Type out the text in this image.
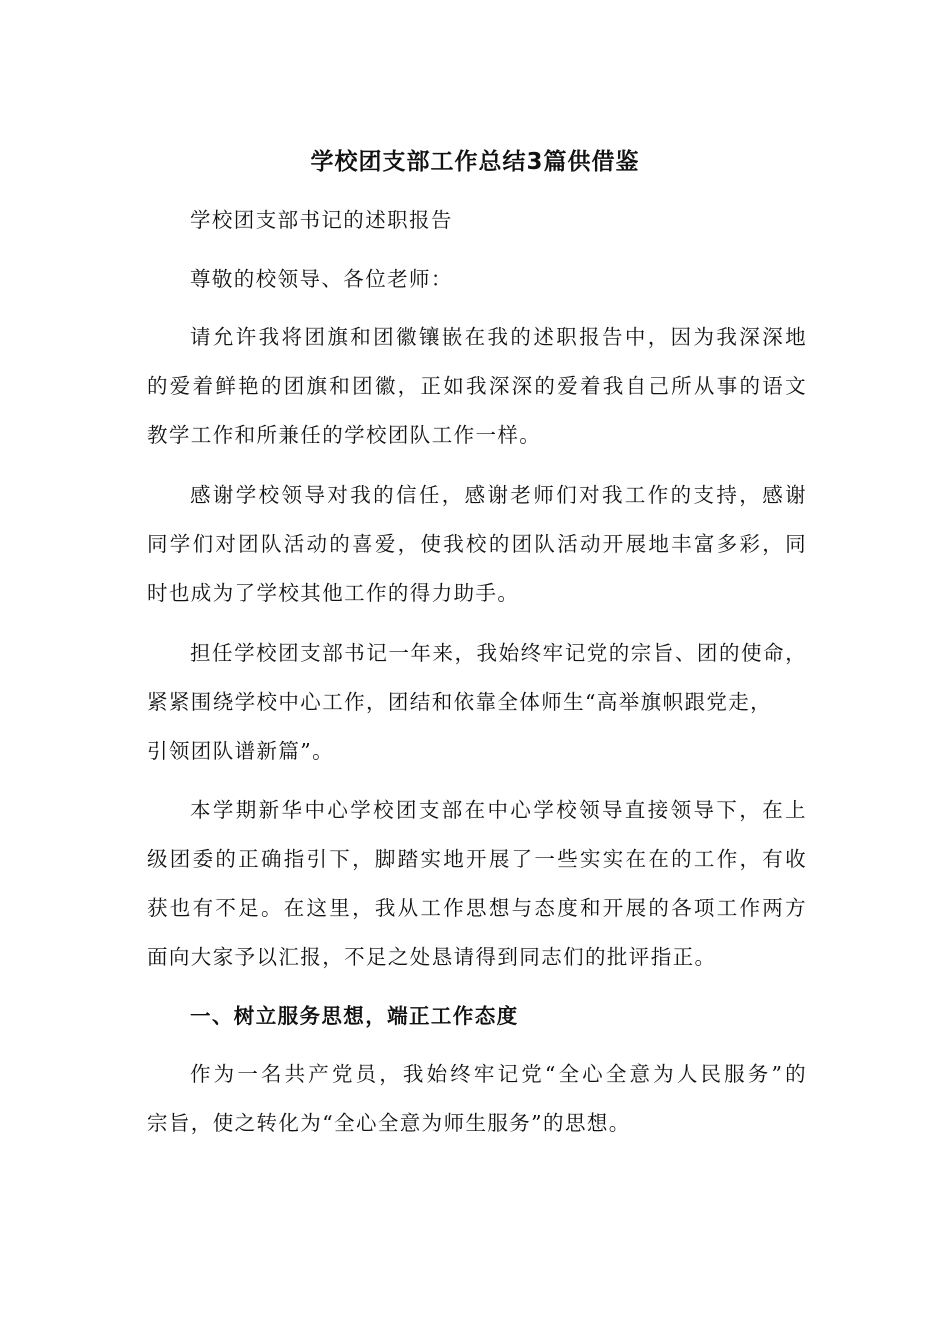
学校团支部工作总结3篇供借鉴
学校团支部书记的述职报告
尊敬的校领导、各位老师：
请允许我将团旗和团徽镶嵌在我的述职报告中，因为我深深地
的爱着鲜艳的团旗和团徽，正如我深深的爱着我自己所从事的语文
教学工作和所兼任的学校团队工作一样。
感谢学校领导对我的信任，感谢老师们对我工作的支持，感谢
同学们对团队活动的喜爱，使我校的团队活动开展地丰富多彩，同
时也成为了学校其他工作的得力助手。
担任学校团支部书记一年来，我始终牢记党的宗旨、团的使命，
紧紧围绕学校中心工作，团结和依靠全体师生“高举旗帜跟党走，
引领团队谱新篇”。
本学期新华中心学校团支部在中心学校领导直接领导下，在上
级团委的正确指引下，脚踏实地开展了一些实实在在的工作，有收
获也有不足。在这里，我从工作思想与态度和开展的各项工作两方
面向大家予以汇报，不足之处恳请得到同志们的批评指正。
一、树立服务思想，端正工作态度
作为一名共产党员，我始终牢记党“全心全意为人民服务”的
宗旨，使之转化为“全心全意为师生服务”的思想。
